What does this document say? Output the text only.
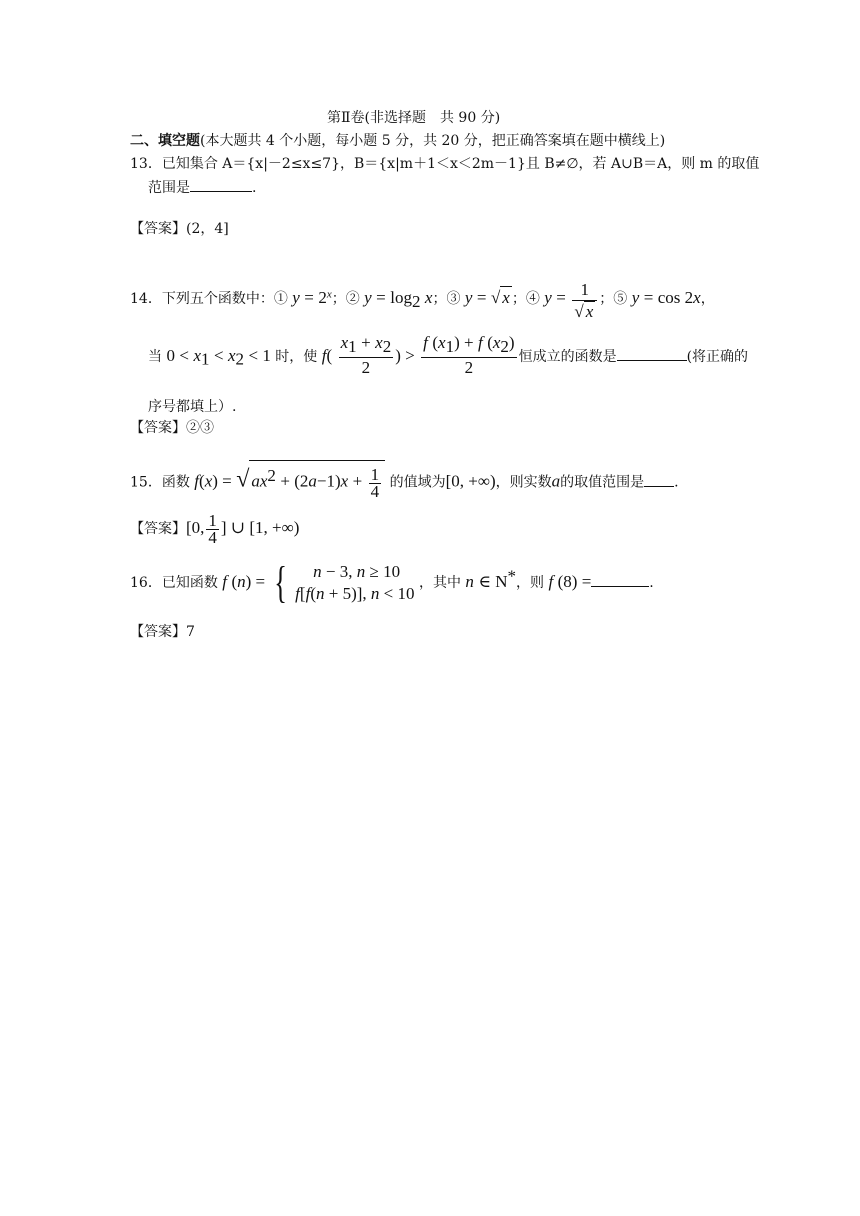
第Ⅱ卷(非选择题　共 90 分)
二、填空题(本大题共 4 个小题，每小题 5 分，共 20 分，把正确答案填在题中横线上)
13．已知集合 A＝{x|－2≤x≤7}，B＝{x|m＋1＜x＜2m－1}且 B≠∅，若 A∪B＝A，则 m 的取值
范围是	.
【答案】(2，4]
14．下列五个函数中：① $y = 2^x$；② $y = \log_2 x$；③ y = √ x ；④ $y = \frac{1}{√ x}$ ；⑤ y = cos 2x，
当 $0 < x_1 < x_2 < 1$ 时，使 $f( \frac{x_1 + x_2}{2}$ ) > $\frac{f (x_1) + f (x_2)}{2}$ 恒成立的函数是	(将正确的
序号都填上）.
【答案】②③
15．函数 f(x) = √ $ax^2 + (2a-1)x + \frac{1}{4}$ 的值域为[0, +∞)，则实数a的取值范围是 .
【答案】[0, $\frac{1}{4}$ ] ∪ [1, +∞)
16．已知函数 f (n) = {	n − 3, n ≥ 10
f[f(n + 5)], n < 10
，其中 n ∈ N*，则 f (8) =	.
【答案】7
